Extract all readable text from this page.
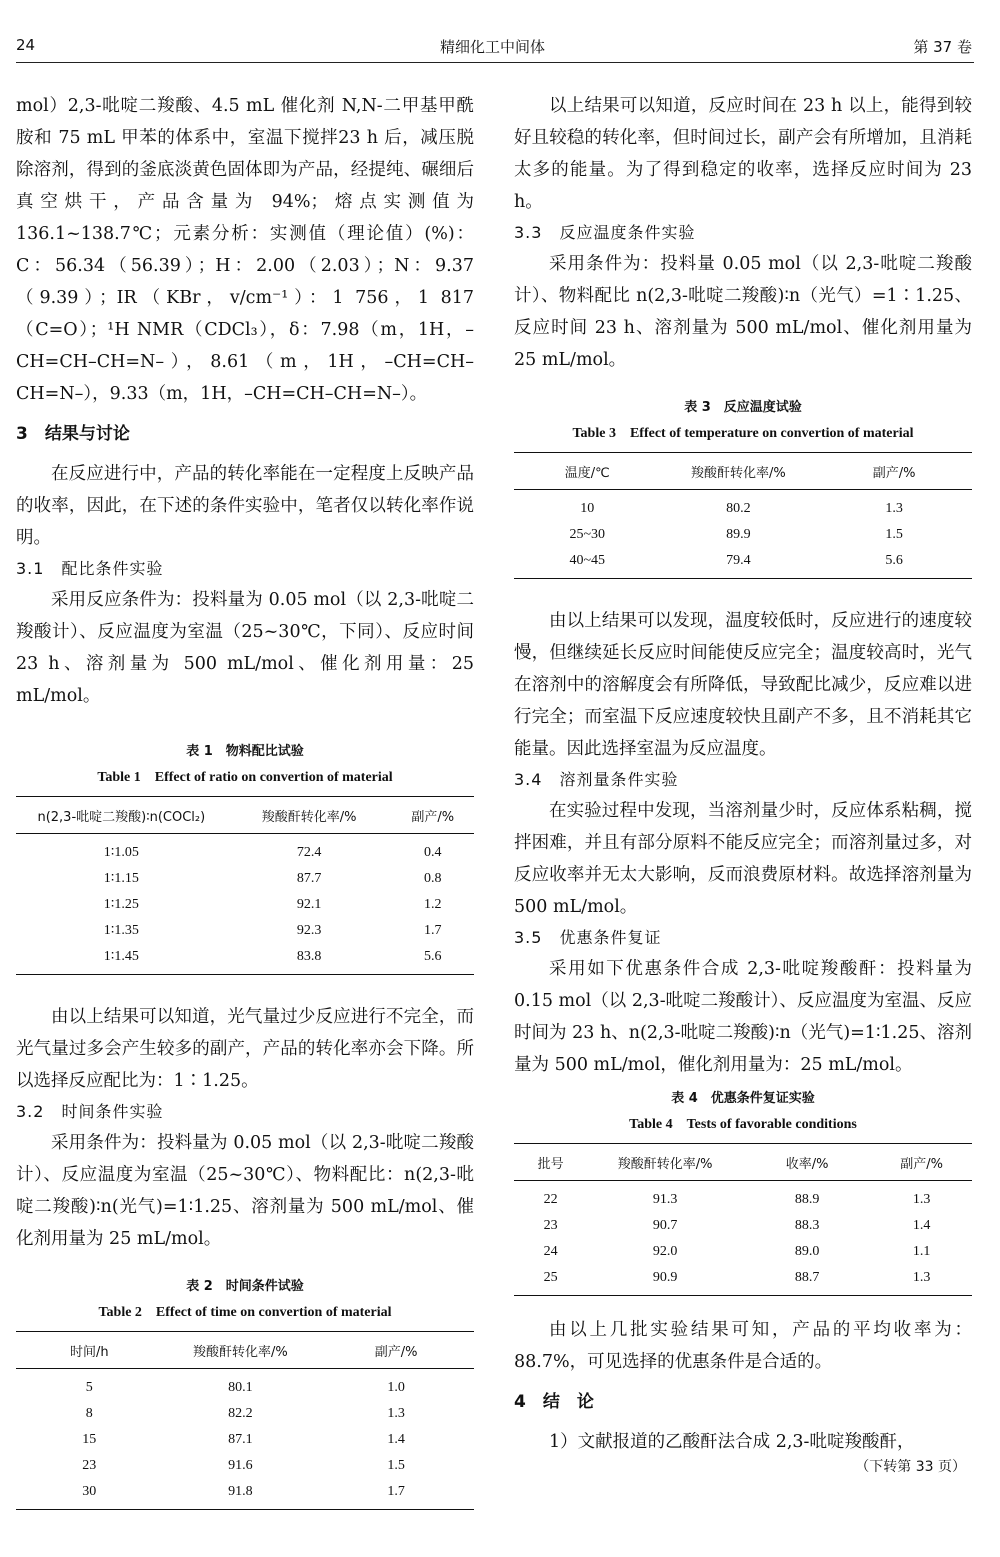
24	精细化工中间体	第 37 卷

mol）2,3-吡啶二羧酸、4.5 mL 催化剂 N,N-二甲基甲酰胺和 75 mL 甲苯的体系中，室温下搅拌23 h 后，减压脱除溶剂，得到的釜底淡黄色固体即为产品，经提纯、碾细后真空烘干，产品含量为 94%；熔点实测值为 136.1~138.7℃；元素分析：实测值（理论值）(%)：C：56.34（56.39）；H：2.00（2.03）；N：9.37（9.39）；IR（KBr，v/cm⁻¹）：1 756，1 817（C=O）；¹H NMR（CDCl₃），δ：7.98（m，1H，–CH=CH–CH=N–），8.61（m，1H，–CH=CH–CH=N–），9.33（m，1H，–CH=CH–CH=N–）。

3　结果与讨论

在反应进行中，产品的转化率能在一定程度上反映产品的收率，因此，在下述的条件实验中，笔者仅以转化率作说明。

3.1　配比条件实验

采用反应条件为：投料量为 0.05 mol（以 2,3-吡啶二羧酸计）、反应温度为室温（25~30℃，下同）、反应时间 23 h、溶剂量为 500 mL/mol、催化剂用量：25 mL/mol。

表 1　物料配比试验
Table 1　Effect of ratio on convertion of material
n(2,3-吡啶二羧酸)∶n(COCl₂)	羧酸酐转化率/%	副产/%
1∶1.05	72.4	0.4
1∶1.15	87.7	0.8
1∶1.25	92.1	1.2
1∶1.35	92.3	1.7
1∶1.45	83.8	5.6

由以上结果可以知道，光气量过少反应进行不完全，而光气量过多会产生较多的副产，产品的转化率亦会下降。所以选择反应配比为：1∶1.25。

3.2　时间条件实验

采用条件为：投料量为 0.05 mol（以 2,3-吡啶二羧酸计）、反应温度为室温（25~30℃）、物料配比：n(2,3-吡啶二羧酸)∶n(光气)=1∶1.25、溶剂量为 500 mL/mol、催化剂用量为 25 mL/mol。

表 2　时间条件试验
Table 2　Effect of time on convertion of material
时间/h	羧酸酐转化率/%	副产/%
5	80.1	1.0
8	82.2	1.3
15	87.1	1.4
23	91.6	1.5
30	91.8	1.7

以上结果可以知道，反应时间在 23 h 以上，能得到较好且较稳的转化率，但时间过长，副产会有所增加，且消耗太多的能量。为了得到稳定的收率，选择反应时间为 23 h。

3.3　反应温度条件实验

采用条件为：投料量 0.05 mol（以 2,3-吡啶二羧酸计）、物料配比 n(2,3-吡啶二羧酸)∶n（光气）=1∶1.25、反应时间 23 h、溶剂量为 500 mL/mol、催化剂用量为 25 mL/mol。

表 3　反应温度试验
Table 3　Effect of temperature on convertion of material
温度/℃	羧酸酐转化率/%	副产/%
10	80.2	1.3
25~30	89.9	1.5
40~45	79.4	5.6

由以上结果可以发现，温度较低时，反应进行的速度较慢，但继续延长反应时间能使反应完全；温度较高时，光气在溶剂中的溶解度会有所降低，导致配比减少，反应难以进行完全；而室温下反应速度较快且副产不多，且不消耗其它能量。因此选择室温为反应温度。

3.4　溶剂量条件实验

在实验过程中发现，当溶剂量少时，反应体系粘稠，搅拌困难，并且有部分原料不能反应完全；而溶剂量过多，对反应收率并无太大影响，反而浪费原材料。故选择溶剂量为 500 mL/mol。

3.5　优惠条件复证

采用如下优惠条件合成 2,3-吡啶羧酸酐：投料量为 0.15 mol（以 2,3-吡啶二羧酸计）、反应温度为室温、反应时间为 23 h、n(2,3-吡啶二羧酸)∶n（光气)=1∶1.25、溶剂量为 500 mL/mol，催化剂用量为：25 mL/mol。

表 4　优惠条件复证实验
Table 4　Tests of favorable conditions
批号	羧酸酐转化率/%	收率/%	副产/%
22	91.3	88.9	1.3
23	90.7	88.3	1.4
24	92.0	89.0	1.1
25	90.9	88.7	1.3

由以上几批实验结果可知，产品的平均收率为：88.7%，可见选择的优惠条件是合适的。

4　结　论

1）文献报道的乙酸酐法合成 2,3-吡啶羧酸酐，

（下转第 33 页）
